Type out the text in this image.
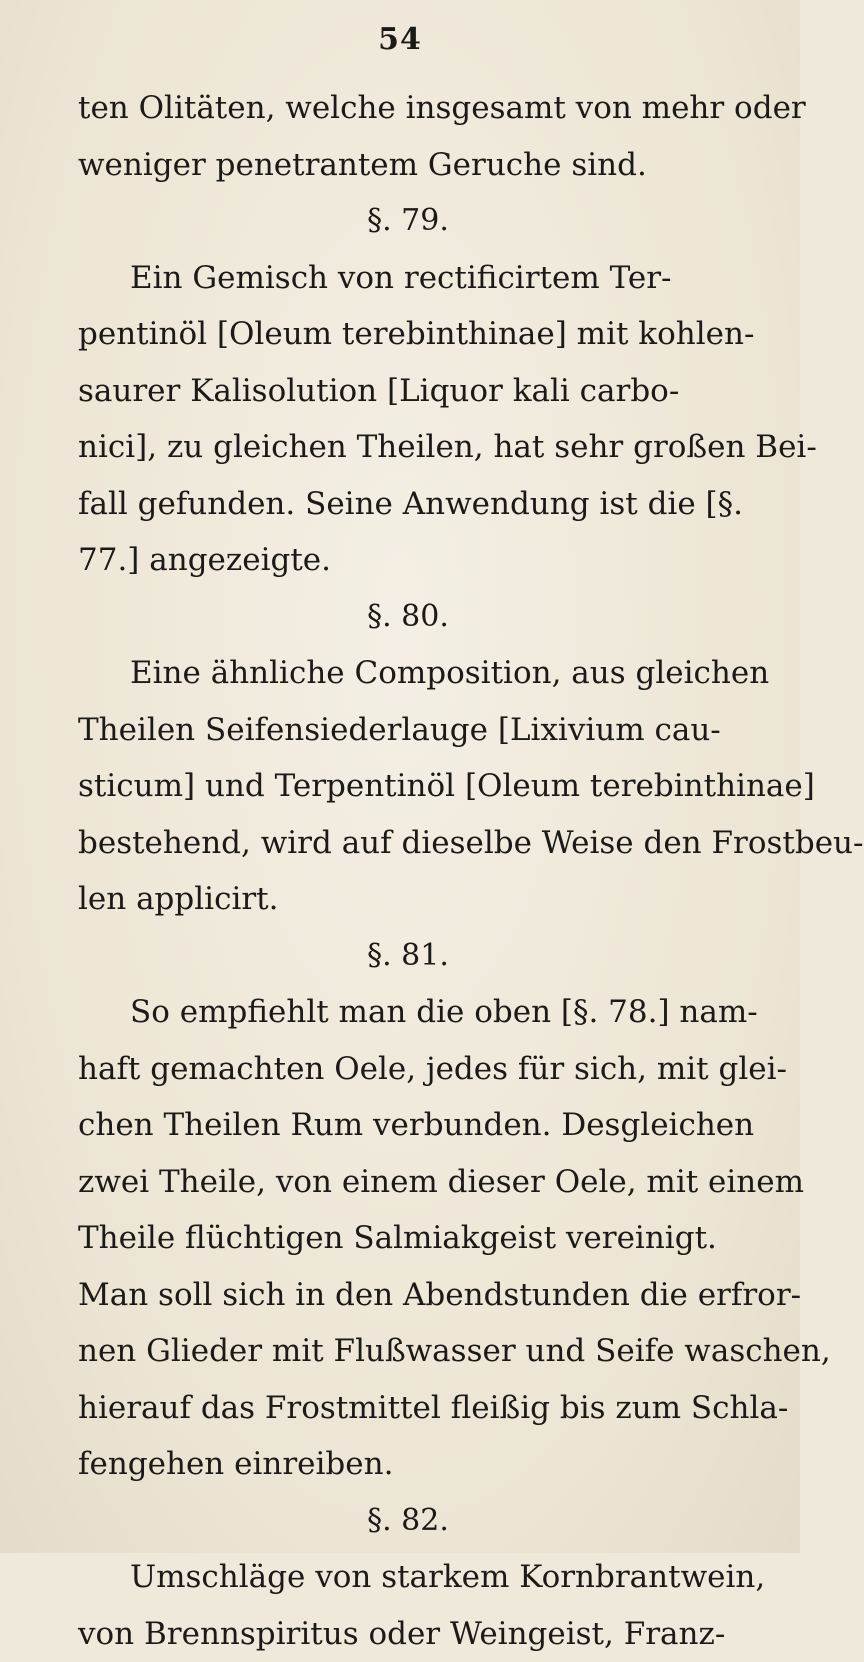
54
ten Olitäten, welche insgesamt von mehr oder
weniger penetrantem Geruche sind.
§. 79.
Ein Gemisch von rectificirtem Ter-
pentinöl [Oleum terebinthinae] mit kohlen-
saurer Kalisolution [Liquor kali carbo-
nici], zu gleichen Theilen, hat sehr großen Bei-
fall gefunden. Seine Anwendung ist die [§.
77.] angezeigte.
§. 80.
Eine ähnliche Composition, aus gleichen
Theilen Seifensiederlauge [Lixivium cau-
sticum] und Terpentinöl [Oleum terebinthinae]
bestehend, wird auf dieselbe Weise den Frostbeu-
len applicirt.
§. 81.
So empfiehlt man die oben [§. 78.] nam-
haft gemachten Oele, jedes für sich, mit glei-
chen Theilen Rum verbunden. Desgleichen
zwei Theile, von einem dieser Oele, mit einem
Theile flüchtigen Salmiakgeist vereinigt.
Man soll sich in den Abendstunden die erfror-
nen Glieder mit Flußwasser und Seife waschen,
hierauf das Frostmittel fleißig bis zum Schla-
fengehen einreiben.
§. 82.
Umschläge von starkem Kornbrantwein,
von Brennspiritus oder Weingeist, Franz-
